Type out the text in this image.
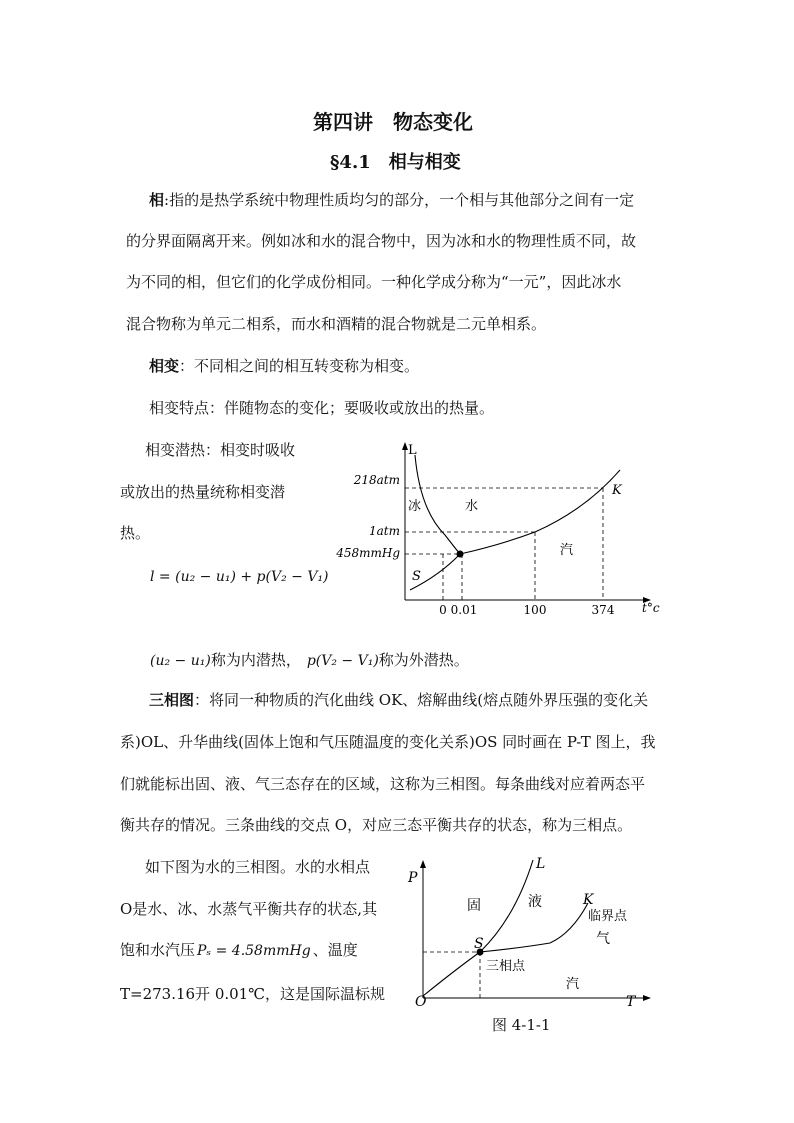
第四讲　物态变化
§4.1　相与相变
相:指的是热学系统中物理性质均匀的部分，一个相与其他部分之间有一定
的分界面隔离开来。例如冰和水的混合物中，因为冰和水的物理性质不同，故
为不同的相，但它们的化学成份相同。一种化学成分称为“一元”，因此冰水
混合物称为单元二相系，而水和酒精的混合物就是二元单相系。
相变：不同相之间的相互转变称为相变。
相变特点：伴随物态的变化；要吸收或放出的热量。
相变潜热：相变时吸收
或放出的热量统称相变潜
热。
l = (u₂ − u₁) + p(V₂ − V₁)
L
218atm
1atm
458mmHg
0 0.01	100	374 t°c
冰	水
汽
K
S
(u₂ − u₁)称为内潜热， p(V₂ − V₁)称为外潜热。
三相图：将同一种物质的汽化曲线 OK、熔解曲线(熔点随外界压强的变化关
系)OL、升华曲线(固体上饱和气压随温度的变化关系)OS 同时画在 P-T 图上，我
们就能标出固、液、气三态存在的区域，这称为三相图。每条曲线对应着两态平
衡共存的情况。三条曲线的交点 O，对应三态平衡共存的状态，称为三相点。
如下图为水的三相图。水的水相点
O是水、冰、水蒸气平衡共存的状态,其
饱和水汽压 Pₛ = 4.58mmHg 、温度
T=273.16开 0.01℃，这是国际温标规
P
O	T
固	液
气
汽
L
K
S
临界点
三相点
图 4-1-1
